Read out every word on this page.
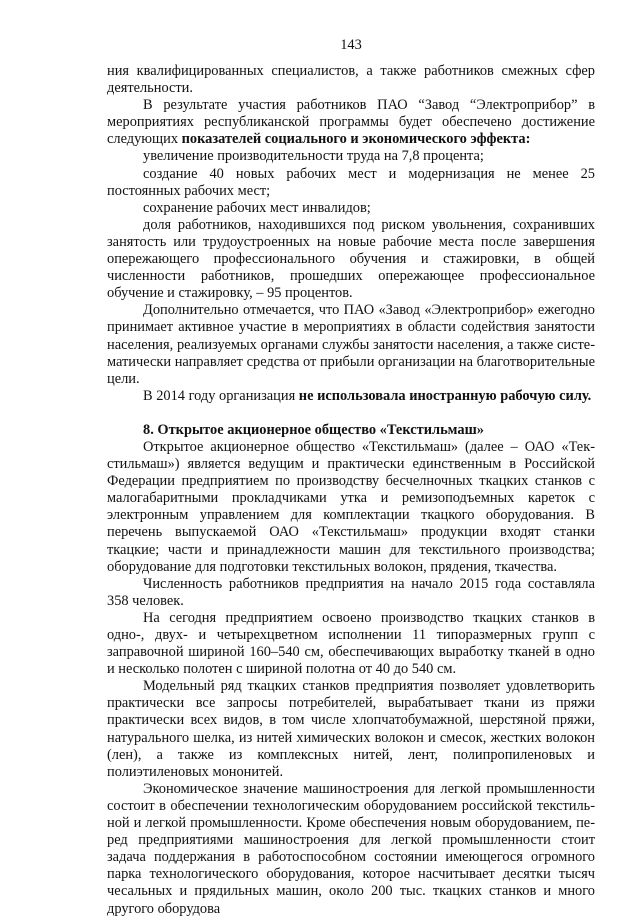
143

ния квалифицированных специалистов, а также работников смежных сфер деятельности.

В результате участия работников ПАО “Завод “Электроприбор” в мероприятиях республиканской программы будет обеспечено достижение следующих показателей социального и экономического эффекта:

увеличение производительности труда на 7,8 процента;

создание 40 новых рабочих мест и модернизация не менее 25 постоянных рабочих мест;

сохранение рабочих мест инвалидов;

доля работников, находившихся под риском увольнения, сохранивших занятость или трудоустроенных на новые рабочие места после завершения опережающего профессионального обучения и стажировки, в общей численности работников, прошедших опережающее профессиональное обучение и стажировку, – 95 процентов.

Дополнительно отмечается, что ПАО «Завод «Электроприбор» ежегодно принимает активное участие в мероприятиях в области содействия занятости населения, реализуемых органами службы занятости населения, а также систематически направляет средства от прибыли организации на благотворительные цели.

В 2014 году организация не использовала иностранную рабочую силу.

8. Открытое акционерное общество «Текстильмаш»

Открытое акционерное общество «Текстильмаш» (далее – ОАО «Текстильмаш») является ведущим и практически единственным в Российской Федерации предприятием по производству бесчелночных ткацких станков с малогабаритными прокладчиками утка и ремизоподъемных кареток с электронным управлением для комплектации ткацкого оборудования. В перечень выпускаемой ОАО «Текстильмаш» продукции входят станки ткацкие; части и принадлежности машин для текстильного производства; оборудование для подготовки текстильных волокон, прядения, ткачества.

Численность работников предприятия на начало 2015 года составляла 358 человек.

На сегодня предприятием освоено производство ткацких станков в одно-, двух- и четырехцветном исполнении 11 типоразмерных групп с заправочной шириной 160–540 см, обеспечивающих выработку тканей в одно и несколько полотен с шириной полотна от 40 до 540 см.

Модельный ряд ткацких станков предприятия позволяет удовлетворить практически все запросы потребителей, вырабатывает ткани из пряжи практически всех видов, в том числе хлопчатобумажной, шерстяной пряжи, натурального шелка, из нитей химических волокон и смесок, жестких волокон (лен), а также из комплексных нитей, лент, полипропиленовых и полиэтиленовых мононитей.

Экономическое значение машиностроения для легкой промышленности состоит в обеспечении технологическим оборудованием российской текстильной и легкой промышленности. Кроме обеспечения новым оборудованием, перед предприятиями машиностроения для легкой промышленности стоит задача поддержания в работоспособном состоянии имеющегося огромного парка технологического оборудования, которое насчитывает десятки тысяч чесальных и прядильных машин, около 200 тыс. ткацких станков и много другого оборудова
